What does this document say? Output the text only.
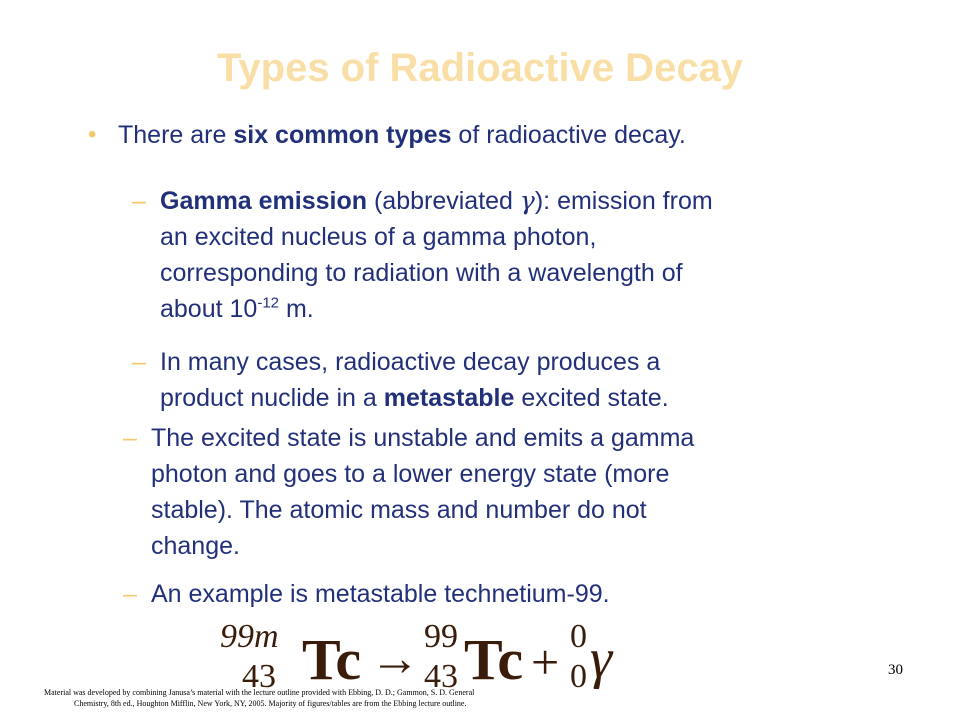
Types of Radioactive Decay
• There are six common types of radioactive decay.
– Gamma emission (abbreviated γ): emission from
an excited nucleus of a gamma photon,
corresponding to radiation with a wavelength of
about $10^{-12}$ m.
– In many cases, radioactive decay produces a
product nuclide in a metastable excited state.
– The excited state is unstable and emits a gamma
photon and goes to a lower energy state (more
stable). The atomic mass and number do not
change.
– An example is metastable technetium-99.
99m
43 Tc → 99
43 Tc + 0
0 γ	30
Material was developed by combining Janusa’s material with the lecture outline provided with Ebbing, D. D.; Gammon, S. D. General
Chemistry, 8th ed., Houghton Mifflin, New York, NY, 2005. Majority of figures/tables are from the Ebbing lecture outline.
